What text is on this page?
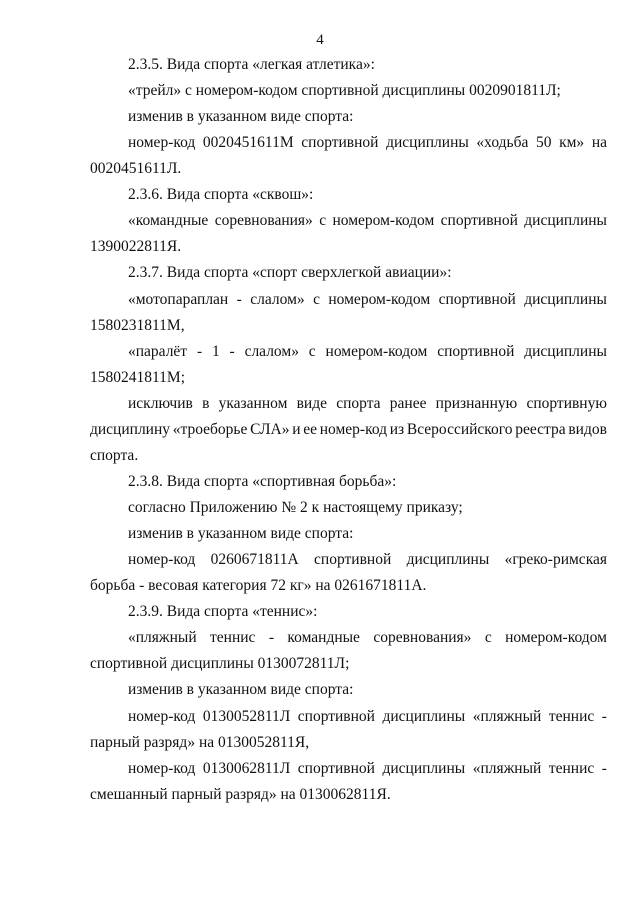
4
2.3.5. Вида спорта «легкая атлетика»:
«трейл» с номером-кодом спортивной дисциплины 0020901811Л;
изменив в указанном виде спорта:
номер-код 0020451611М спортивной дисциплины «ходьба 50 км» на
0020451611Л.
2.3.6. Вида спорта «сквош»:
«командные соревнования» с номером-кодом спортивной дисциплины
1390022811Я.
2.3.7. Вида спорта «спорт сверхлегкой авиации»:
«мотопараплан - слалом» с номером-кодом спортивной дисциплины
1580231811М,
«паралёт - 1 - слалом» с номером-кодом спортивной дисциплины
1580241811М;
исключив в указанном виде спорта ранее признанную спортивную
дисциплину «троеборье СЛА» и ее номер-код из Всероссийского реестра видов
спорта.
2.3.8. Вида спорта «спортивная борьба»:
согласно Приложению № 2 к настоящему приказу;
изменив в указанном виде спорта:
номер-код 0260671811А спортивной дисциплины «греко-римская
борьба - весовая категория 72 кг» на 0261671811А.
2.3.9. Вида спорта «теннис»:
«пляжный теннис - командные соревнования» с номером-кодом
спортивной дисциплины 0130072811Л;
изменив в указанном виде спорта:
номер-код 0130052811Л спортивной дисциплины «пляжный теннис -
парный разряд» на 0130052811Я,
номер-код 0130062811Л спортивной дисциплины «пляжный теннис -
смешанный парный разряд» на 0130062811Я.
